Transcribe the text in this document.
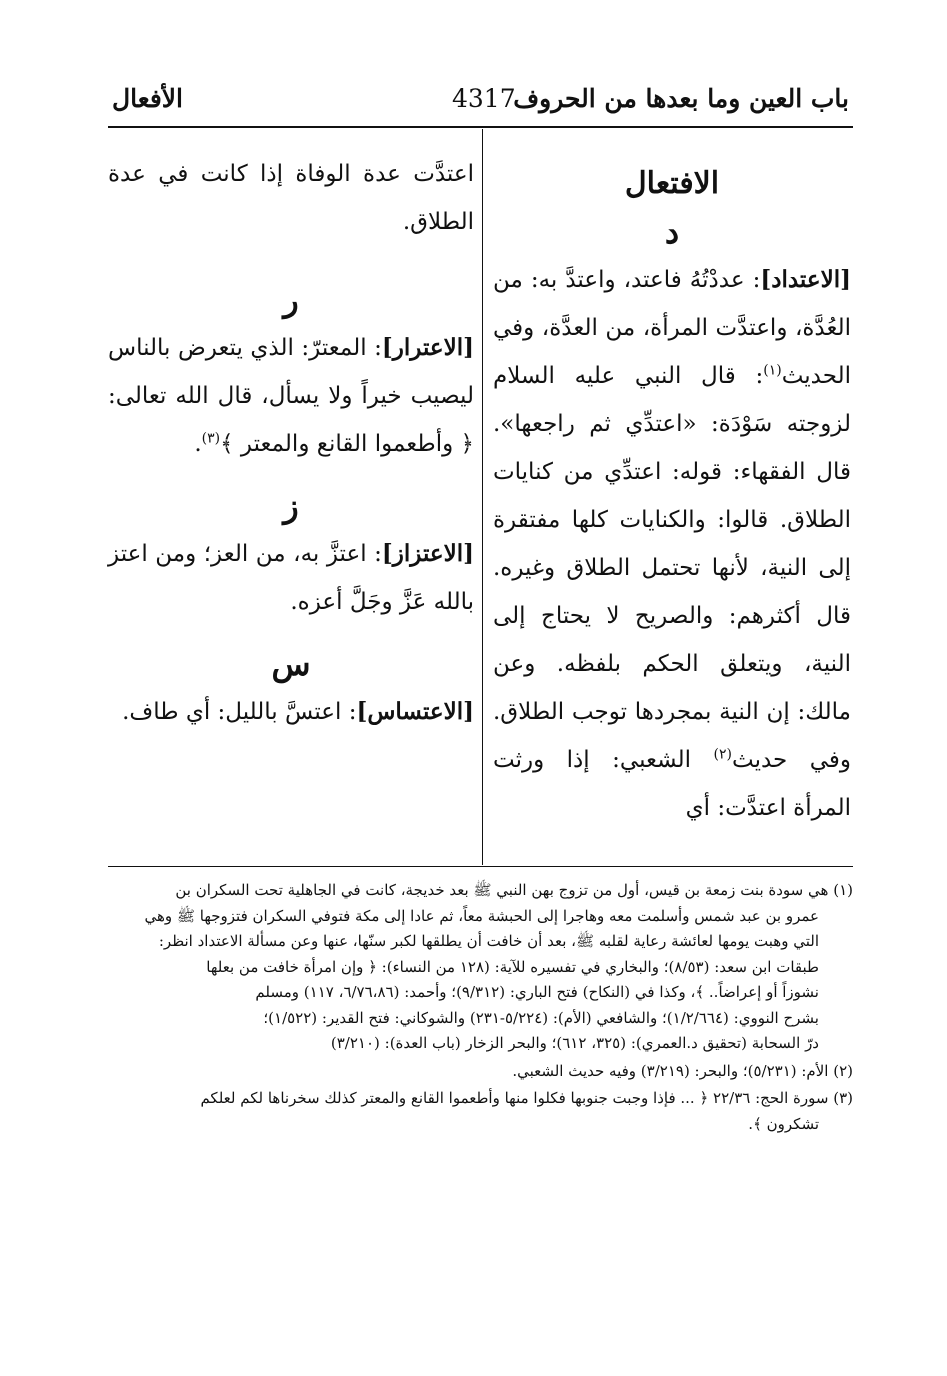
باب العين وما بعدها من الحروف
4317
الأفعال

الافتعال

د

[الاعتداد]: عددْتُهُ فاعتد، واعتدَّ به: من العُدَّة، واعتدَّت المرأة، من العدَّة، وفي الحديث$^{(١)}$: قال النبي عليه السلام لزوجته سَوْدَة: «اعتدِّي ثم راجعها». قال الفقهاء: قوله: اعتدِّي من كنايات الطلاق. قالوا: والكنايات كلها مفتقرة إلى النية، لأنها تحتمل الطلاق وغيره. قال أكثرهم: والصريح لا يحتاج إلى النية، ويتعلق الحكم بلفظه. وعن مالك: إن النية بمجردها توجب الطلاق. وفي حديث$^{(٢)}$ الشعبي: إذا ورثت المرأة اعتدَّت: أي

اعتدَّت عدة الوفاة إذا كانت في عدة الطلاق.

ر

[الاعترار]: المعترّ: الذي يتعرض بالناس ليصيب خيراً ولا يسأل، قال الله تعالى: ﴿ وأطعموا القانع والمعتر ﴾$^{(٣)}$.

ز

[الاعتزاز]: اعتزَّ به، من العز؛ ومن اعتز بالله عَزَّ وجَلَّ أعزه.

س

[الاعتساس]: اعتسَّ بالليل: أي طاف.

(١) هي سودة بنت زمعة بن قيس، أول من تزوج بهن النبي ﷺ بعد خديجة، كانت في الجاهلية تحت السكران بن
عمرو بن عبد شمس وأسلمت معه وهاجرا إلى الحبشة معاً، ثم عادا إلى مكة فتوفي السكران فتزوجها ﷺ وهي
التي وهبت يومها لعائشة رعاية لقلبه ﷺ، بعد أن خافت أن يطلقها لكبر سنّها، عنها وعن مسألة الاعتداد انظر:
طبقات ابن سعد: (٨/٥٣)؛ والبخاري في تفسيره للآية: (١٢٨ من النساء): ﴿ وإن امرأة خافت من بعلها
نشوزاً أو إعراضاً.. ﴾، وكذا في (النكاح) فتح الباري: (٩/٣١٢)؛ وأحمد: (٦/٧٦،٨٦، ١١٧) ومسلم
بشرح النووي: (١/٢/٦٦٤)؛ والشافعي (الأم): (٥/٢٢٤-٢٣١) والشوكاني: فتح القدير: (١/٥٢٢)؛
درّ السحابة (تحقيق د.العمري): (٣٢٥، ٦١٢)؛ والبحر الزخار (باب العدة): (٣/٢١٠)

(٢) الأم: (٥/٢٣١)؛ والبحر: (٣/٢١٩) وفيه حديث الشعبي.

(٣) سورة الحج: ٢٢/٣٦ ﴿ ... فإذا وجبت جنوبها فكلوا منها وأطعموا القانع والمعتر كذلك سخرناها لكم لعلكم
تشكرون ﴾.
